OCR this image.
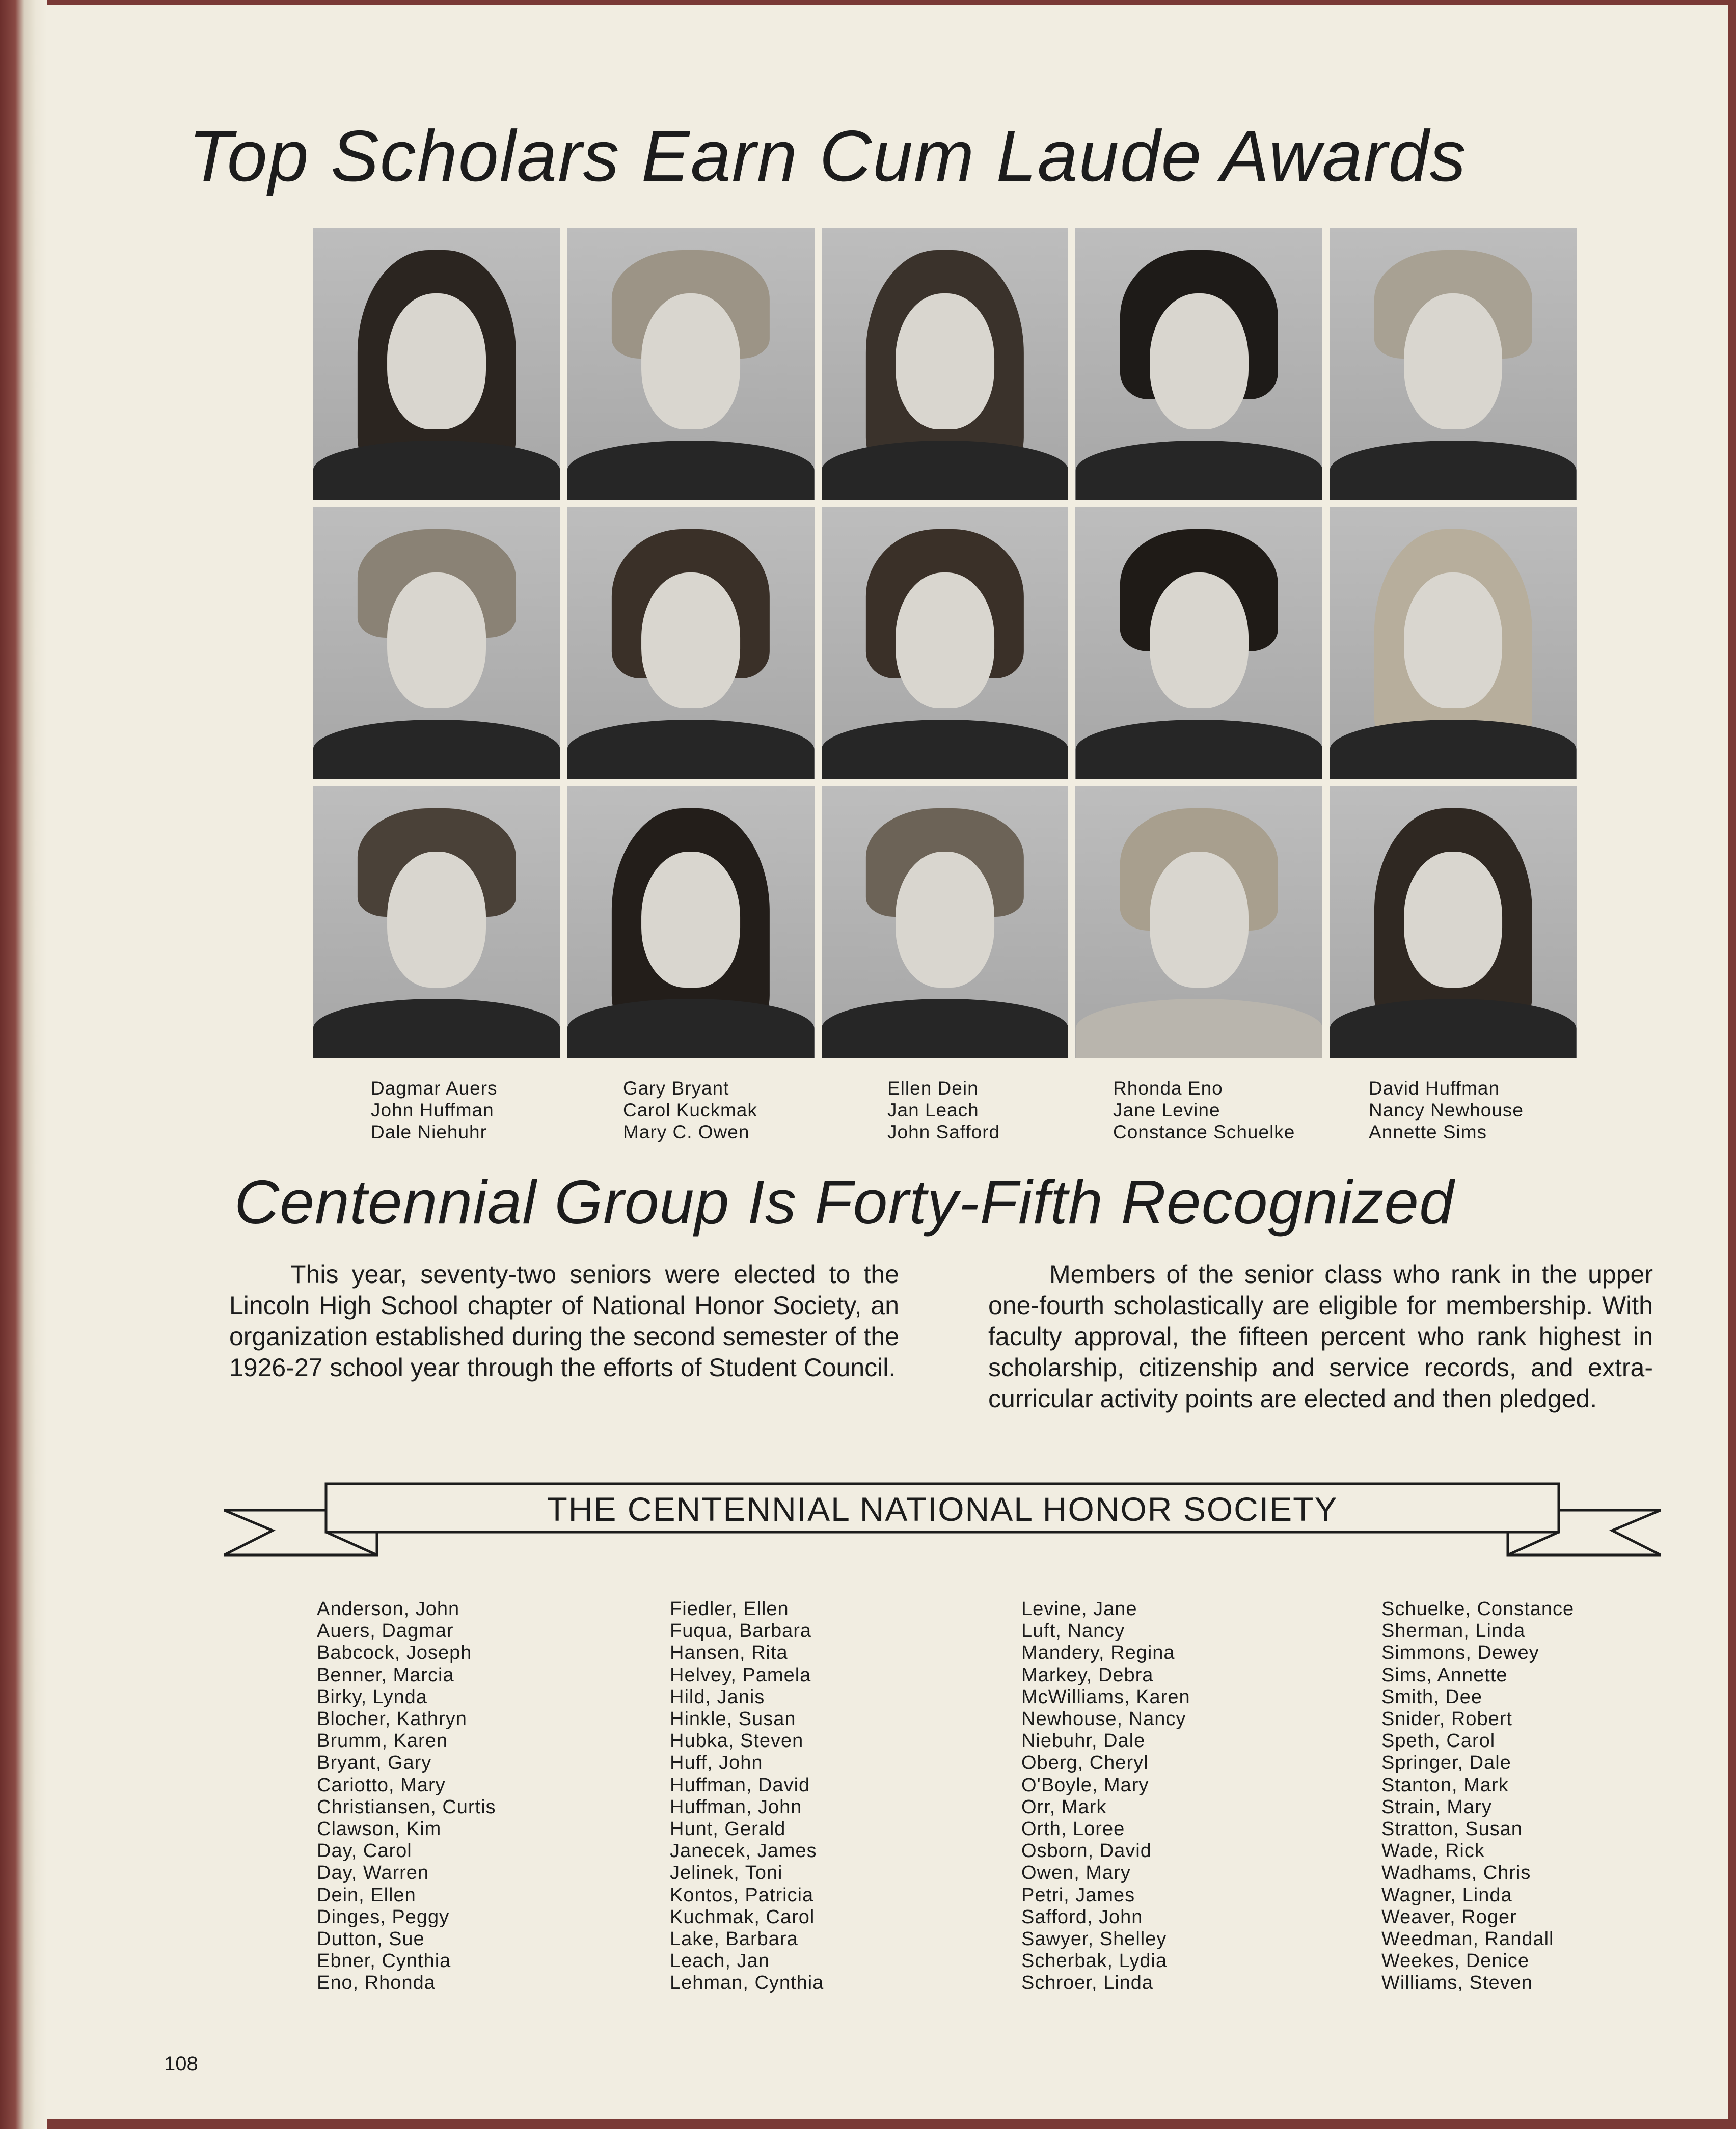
Top Scholars Earn Cum Laude Awards
Dagmar Auers
John Huffman
Dale Niehuhr
Gary Bryant
Carol Kuckmak
Mary C. Owen
Ellen Dein
Jan Leach
John Safford
Rhonda Eno
Jane Levine
Constance Schuelke
David Huffman
Nancy Newhouse
Annette Sims
Centennial Group Is Forty-Fifth Recognized
This year, seventy-two seniors were elected to the Lincoln High School chapter of National Honor Society, an organization established during the second semester of the 1926-27 school year through the efforts of Student Council.
Members of the senior class who rank in the upper one-fourth scholastically are eligible for membership. With faculty approval, the fifteen percent who rank highest in scholarship, citizenship and service records, and extra-curricular activity points are elected and then pledged.
THE CENTENNIAL NATIONAL HONOR SOCIETY
Anderson, John
Auers, Dagmar
Babcock, Joseph
Benner, Marcia
Birky, Lynda
Blocher, Kathryn
Brumm, Karen
Bryant, Gary
Cariotto, Mary
Christiansen, Curtis
Clawson, Kim
Day, Carol
Day, Warren
Dein, Ellen
Dinges, Peggy
Dutton, Sue
Ebner, Cynthia
Eno, Rhonda
Fiedler, Ellen
Fuqua, Barbara
Hansen, Rita
Helvey, Pamela
Hild, Janis
Hinkle, Susan
Hubka, Steven
Huff, John
Huffman, David
Huffman, John
Hunt, Gerald
Janecek, James
Jelinek, Toni
Kontos, Patricia
Kuchmak, Carol
Lake, Barbara
Leach, Jan
Lehman, Cynthia
Levine, Jane
Luft, Nancy
Mandery, Regina
Markey, Debra
McWilliams, Karen
Newhouse, Nancy
Niebuhr, Dale
Oberg, Cheryl
O'Boyle, Mary
Orr, Mark
Orth, Loree
Osborn, David
Owen, Mary
Petri, James
Safford, John
Sawyer, Shelley
Scherbak, Lydia
Schroer, Linda
Schuelke, Constance
Sherman, Linda
Simmons, Dewey
Sims, Annette
Smith, Dee
Snider, Robert
Speth, Carol
Springer, Dale
Stanton, Mark
Strain, Mary
Stratton, Susan
Wade, Rick
Wadhams, Chris
Wagner, Linda
Weaver, Roger
Weedman, Randall
Weekes, Denice
Williams, Steven
108
